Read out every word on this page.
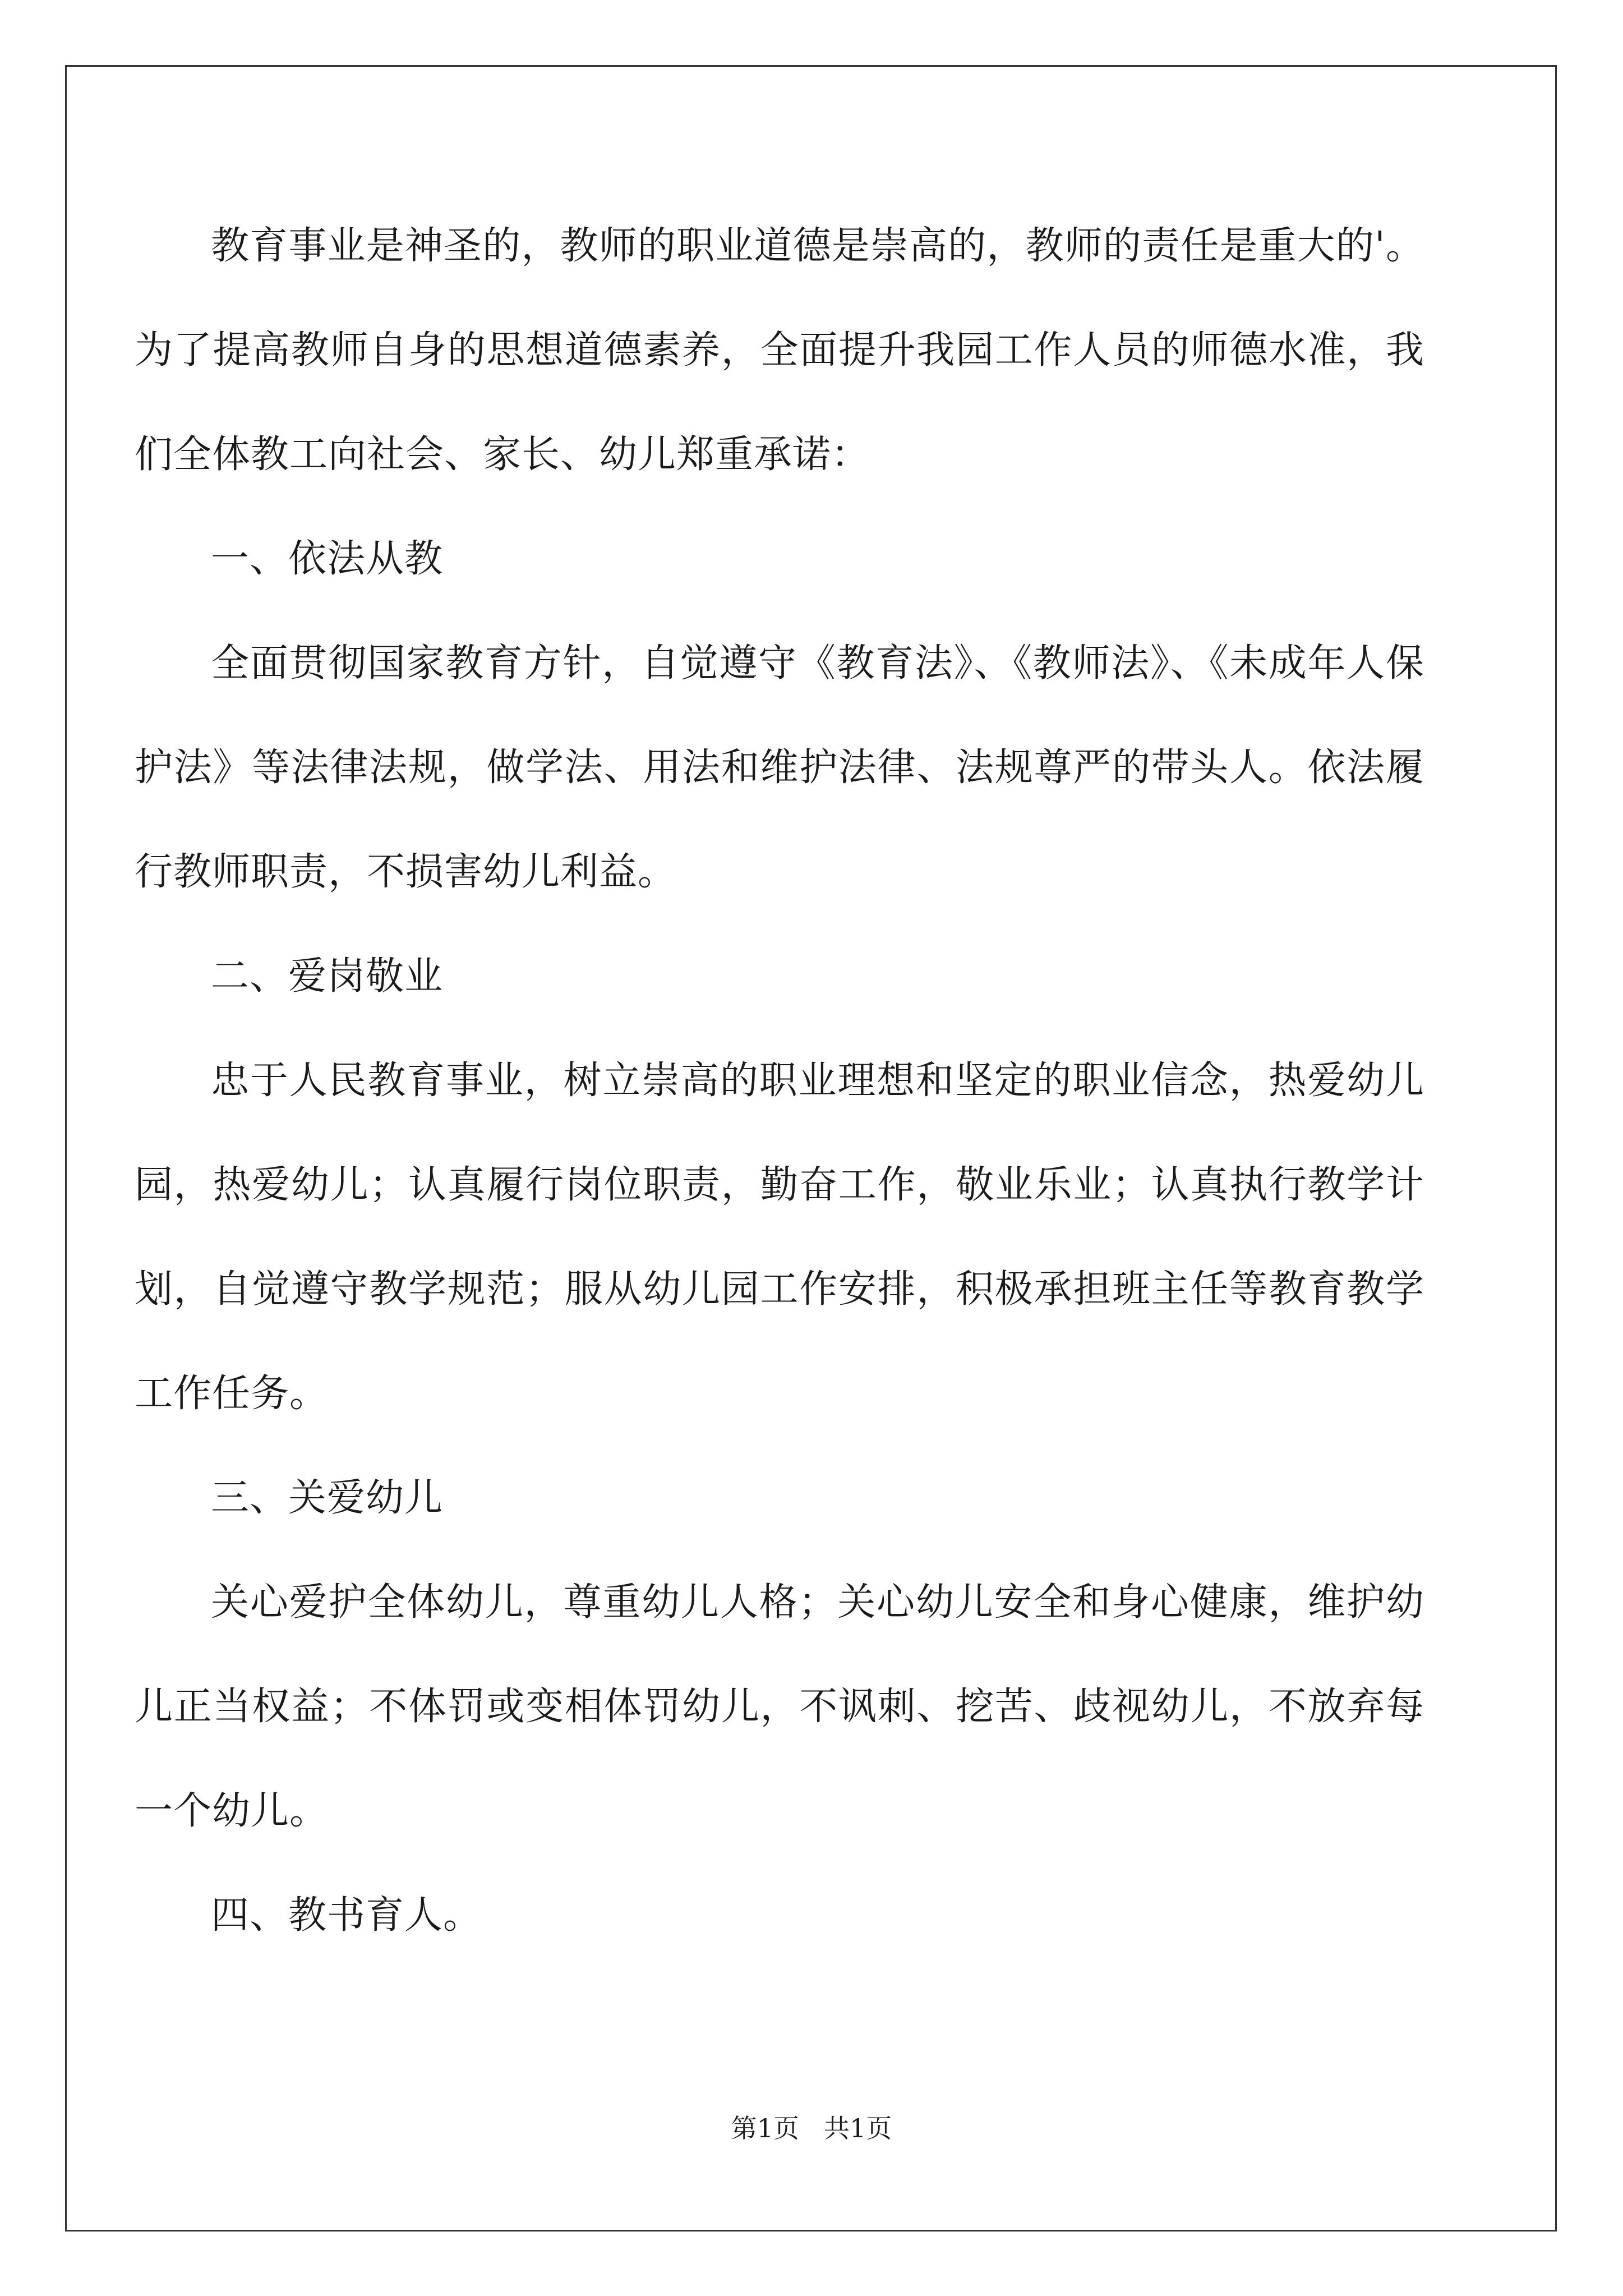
教育事业是神圣的，教师的职业道德是崇高的，教师的责任是重大的'。为了提高教师自身的思想道德素养，全面提升我园工作人员的师德水准，我们全体教工向社会、家长、幼儿郑重承诺：

一、依法从教

全面贯彻国家教育方针，自觉遵守《教育法》、《教师法》、《未成年人保护法》等法律法规，做学法、用法和维护法律、法规尊严的带头人。依法履行教师职责，不损害幼儿利益。

二、爱岗敬业

忠于人民教育事业，树立崇高的职业理想和坚定的职业信念，热爱幼儿园，热爱幼儿；认真履行岗位职责，勤奋工作，敬业乐业；认真执行教学计划，自觉遵守教学规范；服从幼儿园工作安排，积极承担班主任等教育教学工作任务。

三、关爱幼儿

关心爱护全体幼儿，尊重幼儿人格；关心幼儿安全和身心健康，维护幼儿正当权益；不体罚或变相体罚幼儿，不讽刺、挖苦、歧视幼儿，不放弃每一个幼儿。

四、教书育人。

第1页 共1页
